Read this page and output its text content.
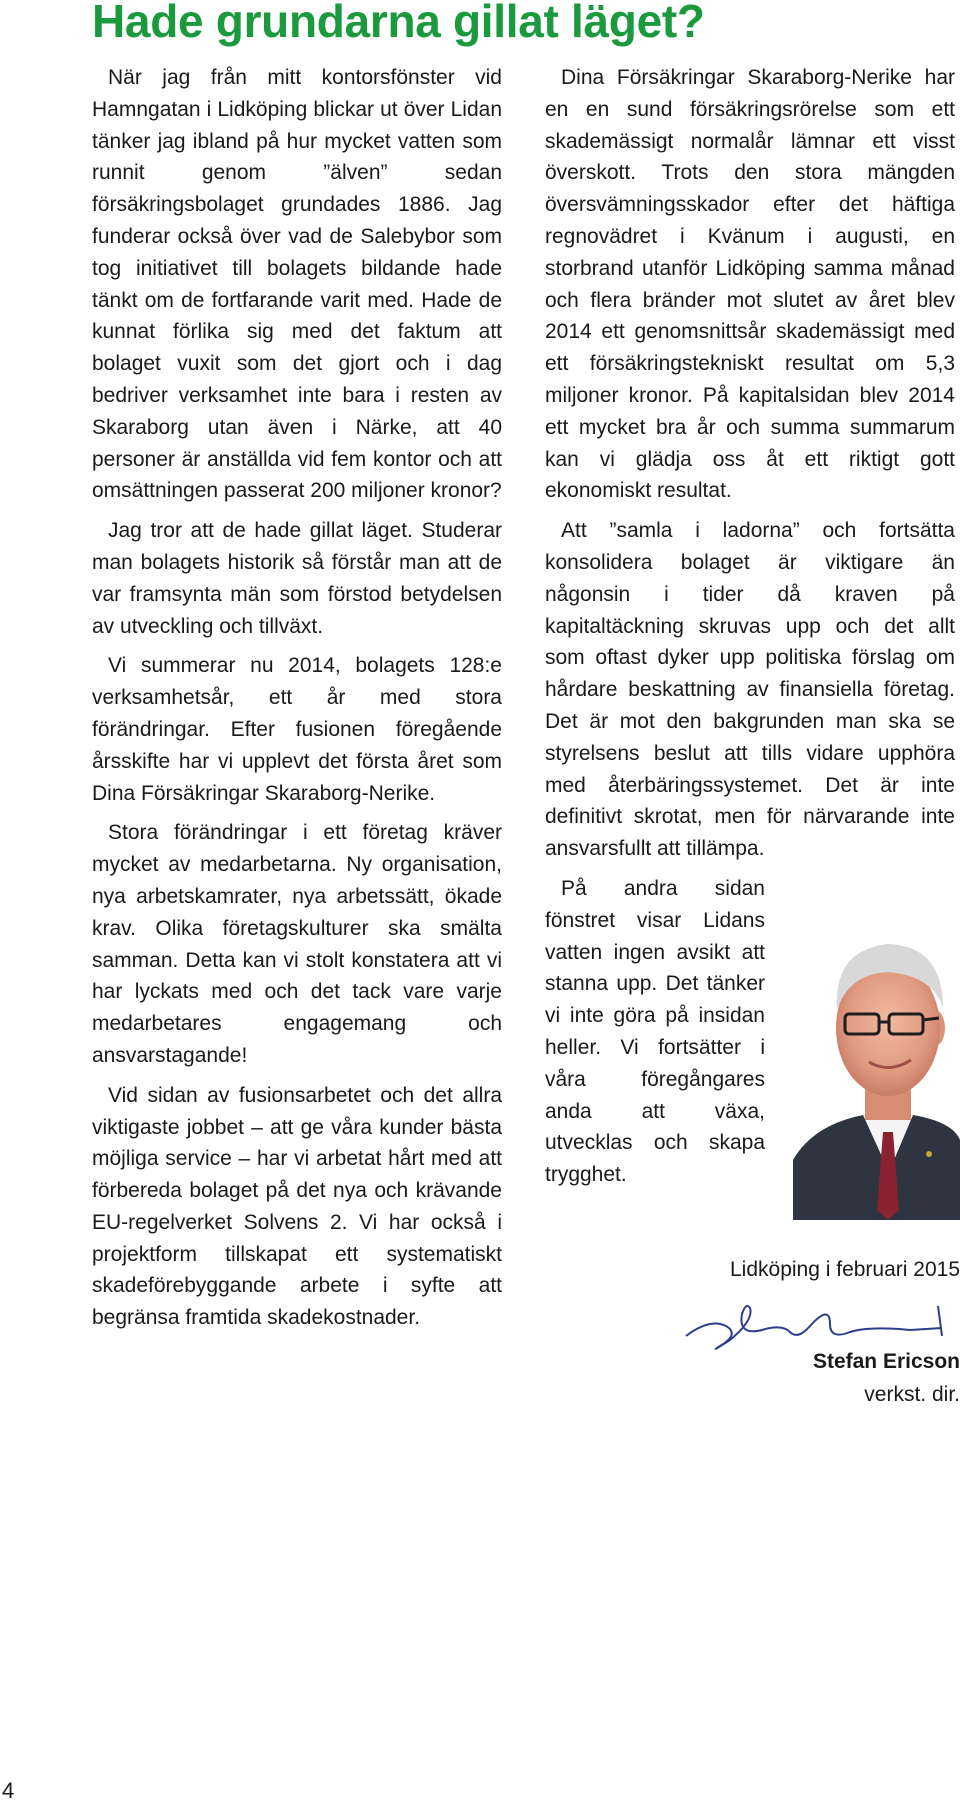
Hade grundarna gillat läget?

När jag från mitt kontorsfönster vid Hamngatan i Lidköping blickar ut över Lidan tänker jag ibland på hur mycket vatten som runnit genom ”älven” sedan försäkringsbolaget grundades 1886. Jag funderar också över vad de Salebybor som tog initiativet till bolagets bildande hade tänkt om de fortfarande varit med. Hade de kunnat förlika sig med det faktum att bolaget vuxit som det gjort och i dag bedriver verksamhet inte bara i resten av Skaraborg utan även i Närke, att 40 personer är anställda vid fem kontor och att omsättningen passerat 200 miljoner kronor?

Jag tror att de hade gillat läget. Studerar man bolagets historik så förstår man att de var framsynta män som förstod betydelsen av utveckling och tillväxt.

Vi summerar nu 2014, bolagets 128:e verksamhetsår, ett år med stora förändringar. Efter fusionen föregående årsskifte har vi upplevt det första året som Dina Försäkringar Skaraborg-Nerike.

Stora förändringar i ett företag kräver mycket av medarbetarna. Ny organisation, nya arbetskamrater, nya arbetssätt, ökade krav. Olika företagskulturer ska smälta samman. Detta kan vi stolt konstatera att vi har lyckats med och det tack vare varje medarbetares engagemang och ansvarstagande!

Vid sidan av fusionsarbetet och det allra viktigaste jobbet – att ge våra kunder bästa möjliga service – har vi arbetat hårt med att förbereda bolaget på det nya och krävande EU-regelverket Solvens 2. Vi har också i projektform tillskapat ett systematiskt skadeförebyggande arbete i syfte att begränsa framtida skadekostnader.

Dina Försäkringar Skaraborg-Nerike har en en sund försäkringsrörelse som ett skademässigt normalår lämnar ett visst överskott. Trots den stora mängden översvämningsskador efter det häftiga regnovädret i Kvänum i augusti, en storbrand utanför Lidköping samma månad och flera bränder mot slutet av året blev 2014 ett genomsnittsår skademässigt med ett försäkringstekniskt resultat om 5,3 miljoner kronor. På kapitalsidan blev 2014 ett mycket bra år och summa summarum kan vi glädja oss åt ett riktigt gott ekonomiskt resultat.

Att ”samla i ladorna” och fortsätta konsolidera bolaget är viktigare än någonsin i tider då kraven på kapitaltäckning skruvas upp och det allt som oftast dyker upp politiska förslag om hårdare beskattning av finansiella företag. Det är mot den bakgrunden man ska se styrelsens beslut att tills vidare upphöra med återbäringssystemet. Det är inte definitivt skrotat, men för närvarande inte ansvarsfullt att tillämpa.

På andra sidan fönstret visar Lidans vatten ingen avsikt att stanna upp. Det tänker vi inte göra på insidan heller. Vi fortsätter i våra föregångares anda att växa, utvecklas och skapa trygghet.

Lidköping i februari 2015
Stefan Ericson
verkst. dir.
4
